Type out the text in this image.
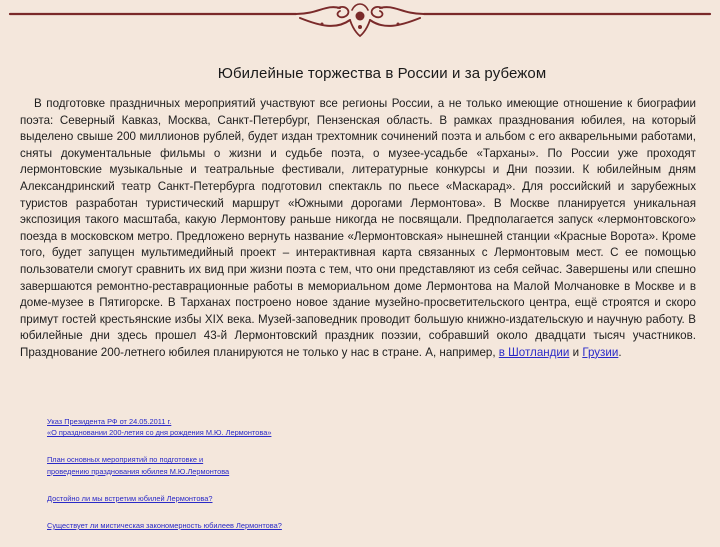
Юбилейные торжества в России и за рубежом

В подготовке праздничных мероприятий участвуют все регионы России, а не только имеющие отношение к биографии поэта: Северный Кавказ, Москва, Санкт-Петербург, Пензенская область. В рамках празднования юбилея, на который выделено свыше 200 миллионов рублей, будет издан трехтомник сочинений поэта и альбом с его акварельными работами, сняты документальные фильмы о жизни и судьбе поэта, о музее-усадьбе «Тарханы». По России уже проходят лермонтовские музыкальные и театральные фестивали, литературные конкурсы и Дни поэзии. К юбилейным дням Александринский театр Санкт-Петербурга подготовил спектакль по пьесе «Маскарад». Для российский и зарубежных туристов разработан туристический маршрут «Южными дорогами Лермонтова». В Москве планируется уникальная экспозиция такого масштаба, какую Лермонтову раньше никогда не посвящали. Предполагается запуск «лермонтовского» поезда в московском метро. Предложено вернуть название «Лермонтовская» нынешней станции «Красные Ворота». Кроме того, будет запущен мультимедийный проект – интерактивная карта связанных с Лермонтовым мест. С ее помощью пользователи смогут сравнить их вид при жизни поэта с тем, что они представляют из себя сейчас. Завершены или спешно завершаются ремонтно-реставрационные работы в мемориальном доме Лермонтова на Малой Молчановке в Москве и в доме-музее в Пятигорске. В Тарханах построено новое здание музейно-просветительского центра, ещё строятся и скоро примут гостей крестьянские избы XIX века. Музей-заповедник проводит большую книжно-издательскую и научную работу. В юбилейные дни здесь прошел 43-й Лермонтовский праздник поэзии, собравший около двадцати тысяч участников. Празднование 200-летнего юбилея планируются не только у нас в стране. А, например, в Шотландии и Грузии.

Указ Президента РФ от 24.05.2011 г.
«О праздновании 200-летия со дня рождения М.Ю. Лермонтова»
План основных мероприятий по подготовке и
проведению празднования юбилея М.Ю.Лермонтова
Достойно ли мы встретим юбилей Лермонтова?
Существует ли мистическая закономерность юбилеев Лермонтова?
